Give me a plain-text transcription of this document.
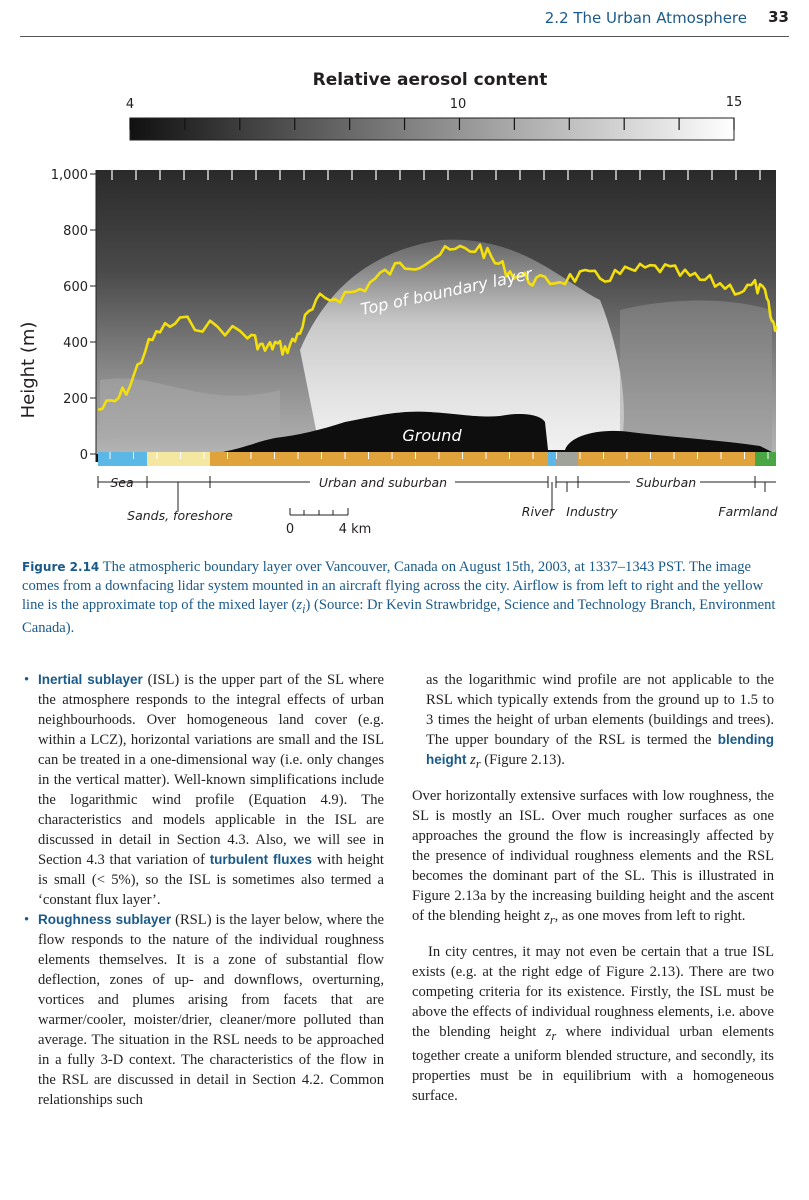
2.2 The Urban Atmosphere 33
Relative aerosol content
4	10	15
Ground
Top of boundary layer
1,000
800
600
400
200
0
Height (m)
Sea	Urban and suburban	Suburban
Sands, foreshore	River Industry	Farmland
0	4 km

Figure 2.14 The atmospheric boundary layer over Vancouver, Canada on August 15th, 2003, at 1337–1343 PST. The image comes from a downfacing lidar system mounted in an aircraft flying across the city. Airflow is from left to right and the yellow line is the approximate top of the mixed layer $(z_i)$ (Source: Dr Kevin Strawbridge, Science and Technology Branch, Environment Canada).

• Inertial sublayer (ISL) is the upper part of the SL where the atmosphere responds to the integral effects of urban neighbourhoods. Over homogeneous land cover (e.g. within a LCZ), horizontal variations are small and the ISL can be treated in a one-dimensional way (i.e. only changes in the vertical matter). Well-known simplifications include the logarithmic wind profile (Equation 4.9). The characteristics and models applicable in the ISL are discussed in detail in Section 4.3. Also, we will see in Section 4.3 that variation of turbulent fluxes with height is small (< 5%), so the ISL is sometimes also termed a ‘constant flux layer’.
• Roughness sublayer (RSL) is the layer below, where the flow responds to the nature of the individual roughness elements themselves. It is a zone of substantial flow deflection, zones of up- and downflows, overturning, vortices and plumes arising from facets that are warmer/cooler, moister/drier, cleaner/more polluted than average. The situation in the RSL needs to be approached in a fully 3-D context. The characteristics of the flow in the RSL are discussed in detail in Section 4.2. Common relationships such

as the logarithmic wind profile are not applicable to the RSL which typically extends from the ground up to 1.5 to 3 times the height of urban elements (buildings and trees). The upper boundary of the RSL is termed the blending height $z_r$ (Figure 2.13).

Over horizontally extensive surfaces with low roughness, the SL is mostly an ISL. Over much rougher surfaces as one approaches the ground the flow is increasingly affected by the presence of individual roughness elements and the RSL becomes the dominant part of the SL. This is illustrated in Figure 2.13a by the increasing building height and the ascent of the blending height $z_r$, as one moves from left to right.

In city centres, it may not even be certain that a true ISL exists (e.g. at the right edge of Figure 2.13). There are two competing criteria for its existence. Firstly, the ISL must be above the effects of individual roughness elements, i.e. above the blending height $z_r$ where individual urban elements together create a uniform blended structure, and secondly, its properties must be in equilibrium with a homogeneous surface.
